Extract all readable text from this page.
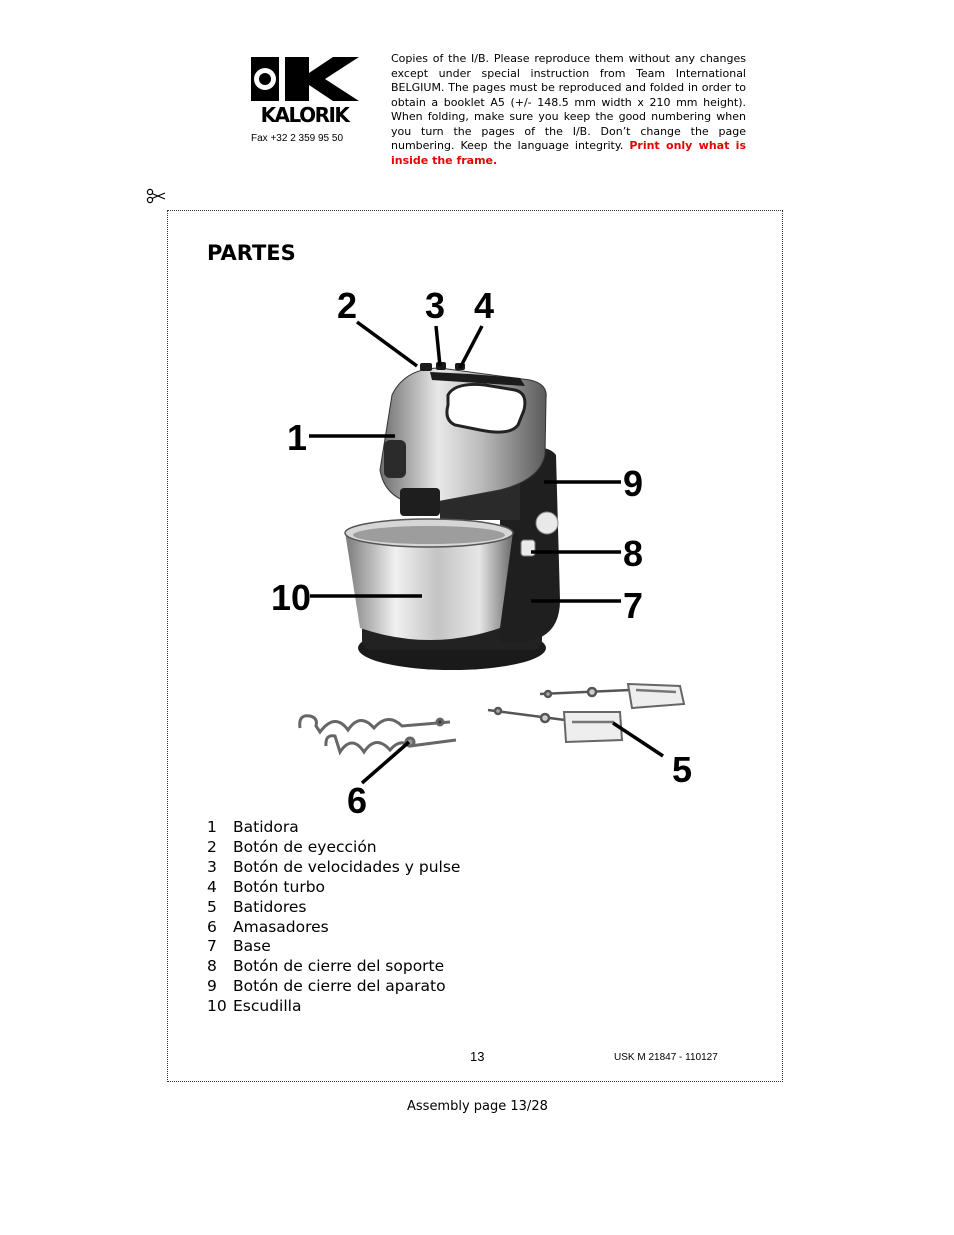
KALORIK
Fax +32 2 359 95 50

Copies of the I/B. Please reproduce them without any changes except under special instruction from Team International BELGIUM. The pages must be reproduced and folded in order to obtain a booklet A5 (+/- 148.5 mm width x 210 mm height). When folding, make sure you keep the good numbering when you turn the pages of the I/B. Don’t change the page numbering. Keep the language integrity. Print only what is inside the frame.

PARTES
2 3 4
1
9
8
10	7
5
6
1	Batidora
2	Botón de eyección
3	Botón de velocidades y pulse
4	Botón turbo
5	Batidores
6	Amasadores
7	Base
8	Botón de cierre del soporte
9	Botón de cierre del aparato
10 Escudilla
13	USK M 21847 - 110127
Assembly page 13/28
